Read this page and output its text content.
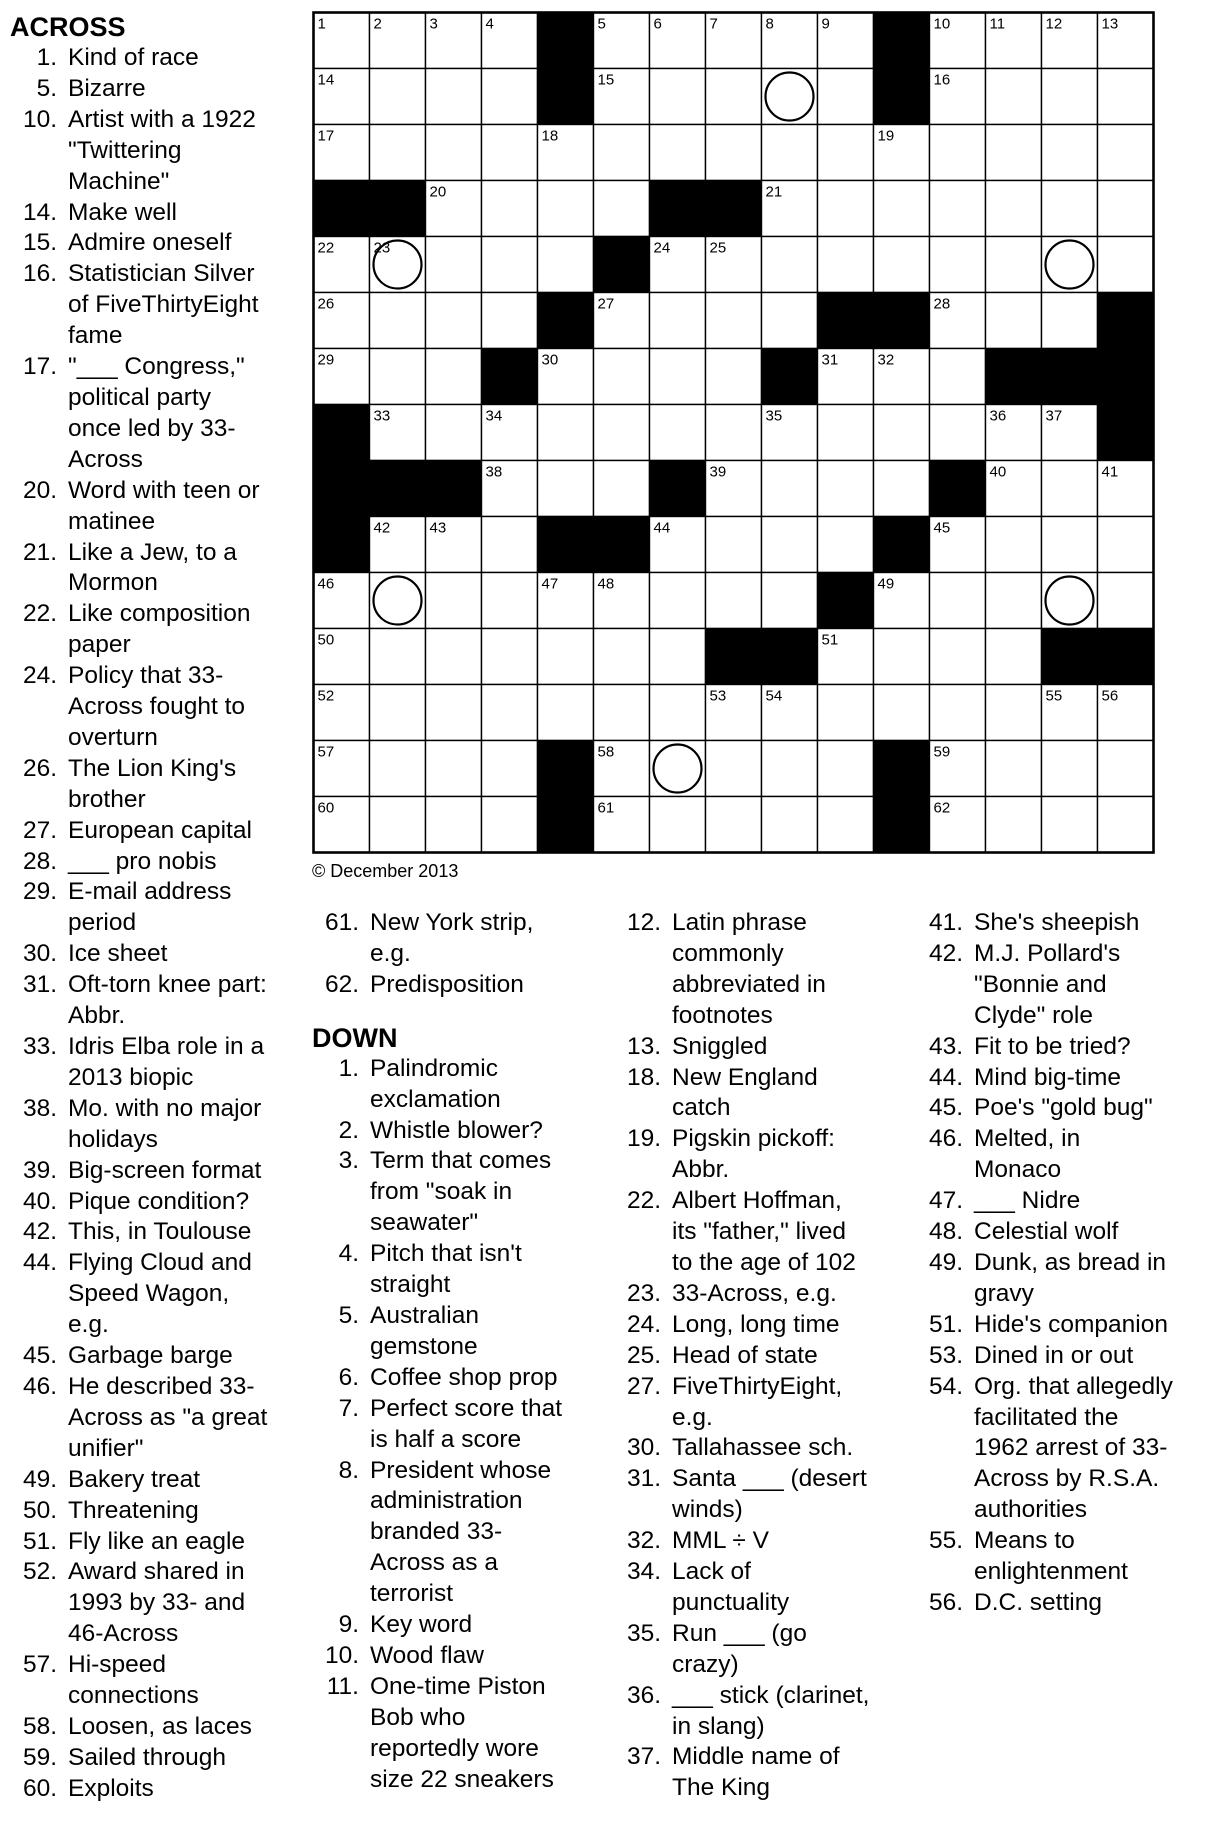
1	2	3	4	5	6	7	8	9	10	11	12	13
14	15	16
17	18	19
20	21
22	23	24	25
26	27	28
29	30	31	32
33	34	35	36	37
38	39	40	41
42	43	44	45
46	47	48	49
50	51
52	53	54	55	56
57	58	59
60	61	62
© December 2013
ACROSS
1. Kind of race
5. Bizarre
10. Artist with a 1922 "Twittering Machine"
14. Make well
15. Admire oneself
16. Statistician Silver of FiveThirtyEight fame
17. "___ Congress," political party once led by 33-Across
20. Word with teen or matinee
21. Like a Jew, to a Mormon
22. Like composition paper
24. Policy that 33-Across fought to overturn
26. The Lion King's brother
27. European capital
28. ___ pro nobis
29. E-mail address period
30. Ice sheet
31. Oft-torn knee part: Abbr.
33. Idris Elba role in a 2013 biopic
38. Mo. with no major holidays
39. Big-screen format
40. Pique condition?
42. This, in Toulouse
44. Flying Cloud and Speed Wagon, e.g.
45. Garbage barge
46. He described 33-Across as "a great unifier"
49. Bakery treat
50. Threatening
51. Fly like an eagle
52. Award shared in 1993 by 33- and 46-Across
57. Hi-speed connections
58. Loosen, as laces
59. Sailed through
60. Exploits
61. New York strip, e.g.
62. Predisposition
DOWN
1. Palindromic exclamation
2. Whistle blower?
3. Term that comes from "soak in seawater"
4. Pitch that isn't straight
5. Australian gemstone
6. Coffee shop prop
7. Perfect score that is half a score
8. President whose administration branded 33-Across as a terrorist
9. Key word
10. Wood flaw
11. One-time Piston Bob who reportedly wore size 22 sneakers
12. Latin phrase commonly abbreviated in footnotes
13. Sniggled
18. New England catch
19. Pigskin pickoff: Abbr.
22. Albert Hoffman, its "father," lived to the age of 102
23. 33-Across, e.g.
24. Long, long time
25. Head of state
27. FiveThirtyEight, e.g.
30. Tallahassee sch.
31. Santa ___ (desert winds)
32. MML ÷ V
34. Lack of punctuality
35. Run ___ (go crazy)
36. ___ stick (clarinet, in slang)
37. Middle name of The King
41. She's sheepish
42. M.J. Pollard's "Bonnie and Clyde" role
43. Fit to be tried?
44. Mind big-time
45. Poe's "gold bug"
46. Melted, in Monaco
47. ___ Nidre
48. Celestial wolf
49. Dunk, as bread in gravy
51. Hide's companion
53. Dined in or out
54. Org. that allegedly facilitated the 1962 arrest of 33-Across by R.S.A. authorities
55. Means to enlightenment
56. D.C. setting
